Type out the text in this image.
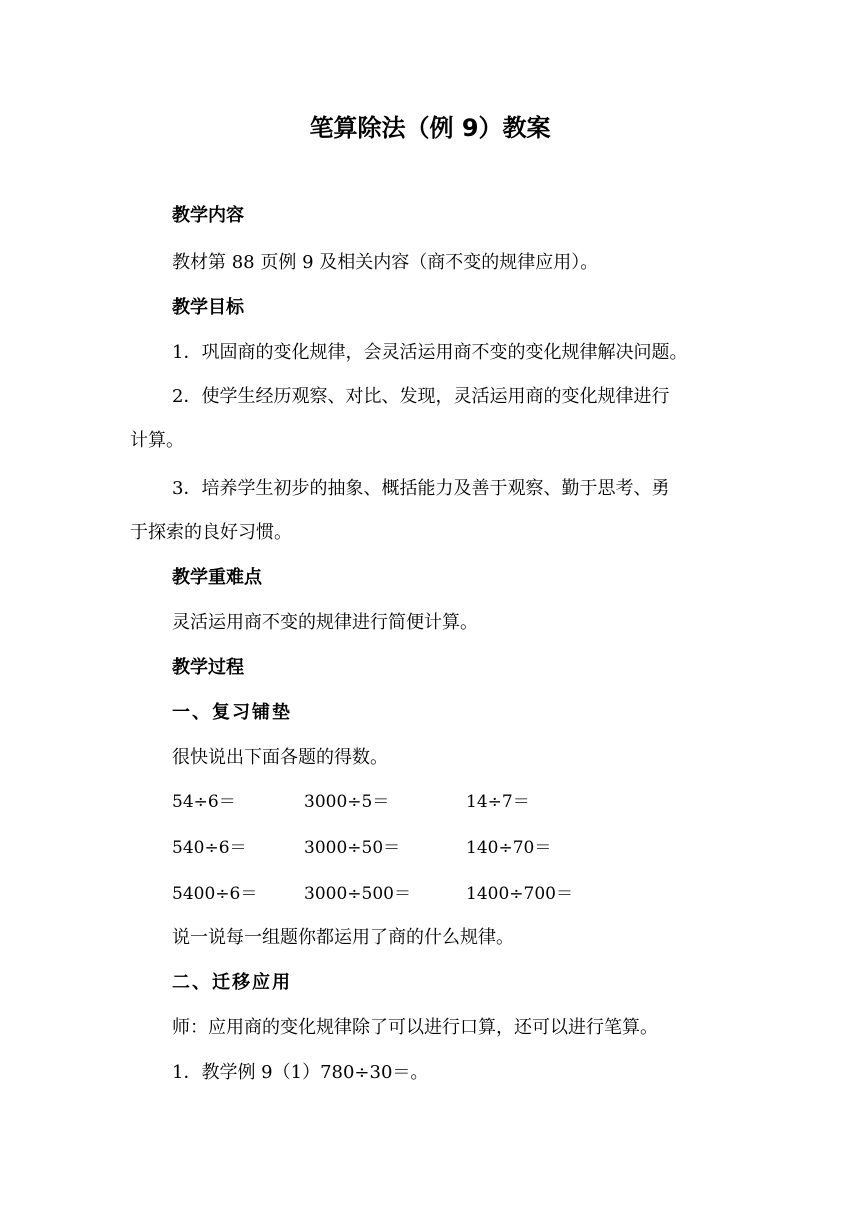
笔算除法（例 9）教案

教学内容

教材第 88 页例 9 及相关内容（商不变的规律应用）。

教学目标

1．巩固商的变化规律，会灵活运用商不变的变化规律解决问题。

2．使学生经历观察、对比、发现，灵活运用商的变化规律进行

计算。

3．培养学生初步的抽象、概括能力及善于观察、勤于思考、勇

于探索的良好习惯。

教学重难点

灵活运用商不变的规律进行简便计算。

教学过程

一、复习铺垫

很快说出下面各题的得数。

54÷6＝	3000÷5＝	14÷7＝
540÷6＝	3000÷50＝	140÷70＝
5400÷6＝	3000÷500＝	1400÷700＝

说一说每一组题你都运用了商的什么规律。

二、迁移应用

师：应用商的变化规律除了可以进行口算，还可以进行笔算。

1．教学例 9（1）780÷30＝。
